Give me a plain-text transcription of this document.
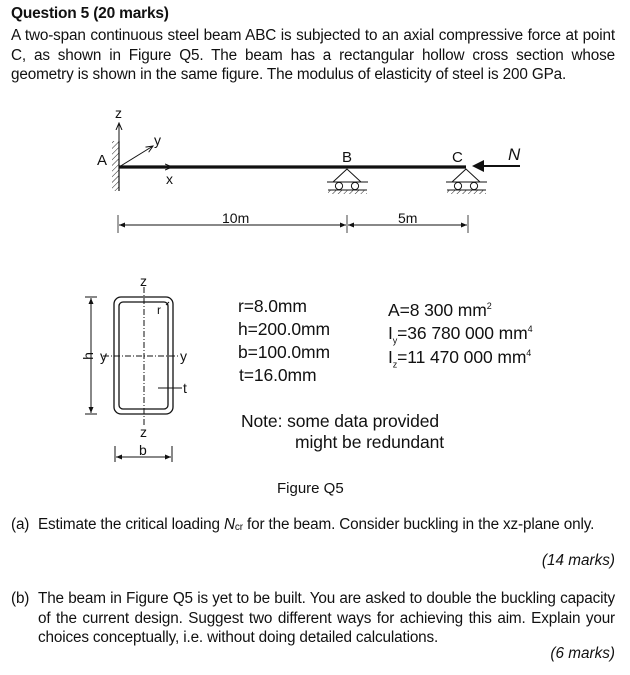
Question 5 (20 marks)
A two-span continuous steel beam ABC is subjected to an axial compressive force at point C, as shown in Figure Q5. The beam has a rectangular hollow cross section whose geometry is shown in the same figure. The modulus of elasticity of steel is 200 GPa.
z
y
x
A	B	C	N
10m	5m
z
z
y	y
h
b
t
r	r=8.0mm
h=200.0mm
b=100.0mm
t=16.0mm
A=8 300 $mm^2$
$I_y=36$ 780 000 $mm^4$
$I_z=11$ 470 000 $mm^4$
Note: some data provided
might be redundant
Figure Q5
(a) Estimate the critical loading $N_{cr}$ for the beam. Consider buckling in the xz-plane only.
(14 marks)
(b) The beam in Figure Q5 is yet to be built. You are asked to double the buckling capacity of the current design. Suggest two different ways for achieving this aim. Explain your choices conceptually, i.e. without doing detailed calculations.
(6 marks)
